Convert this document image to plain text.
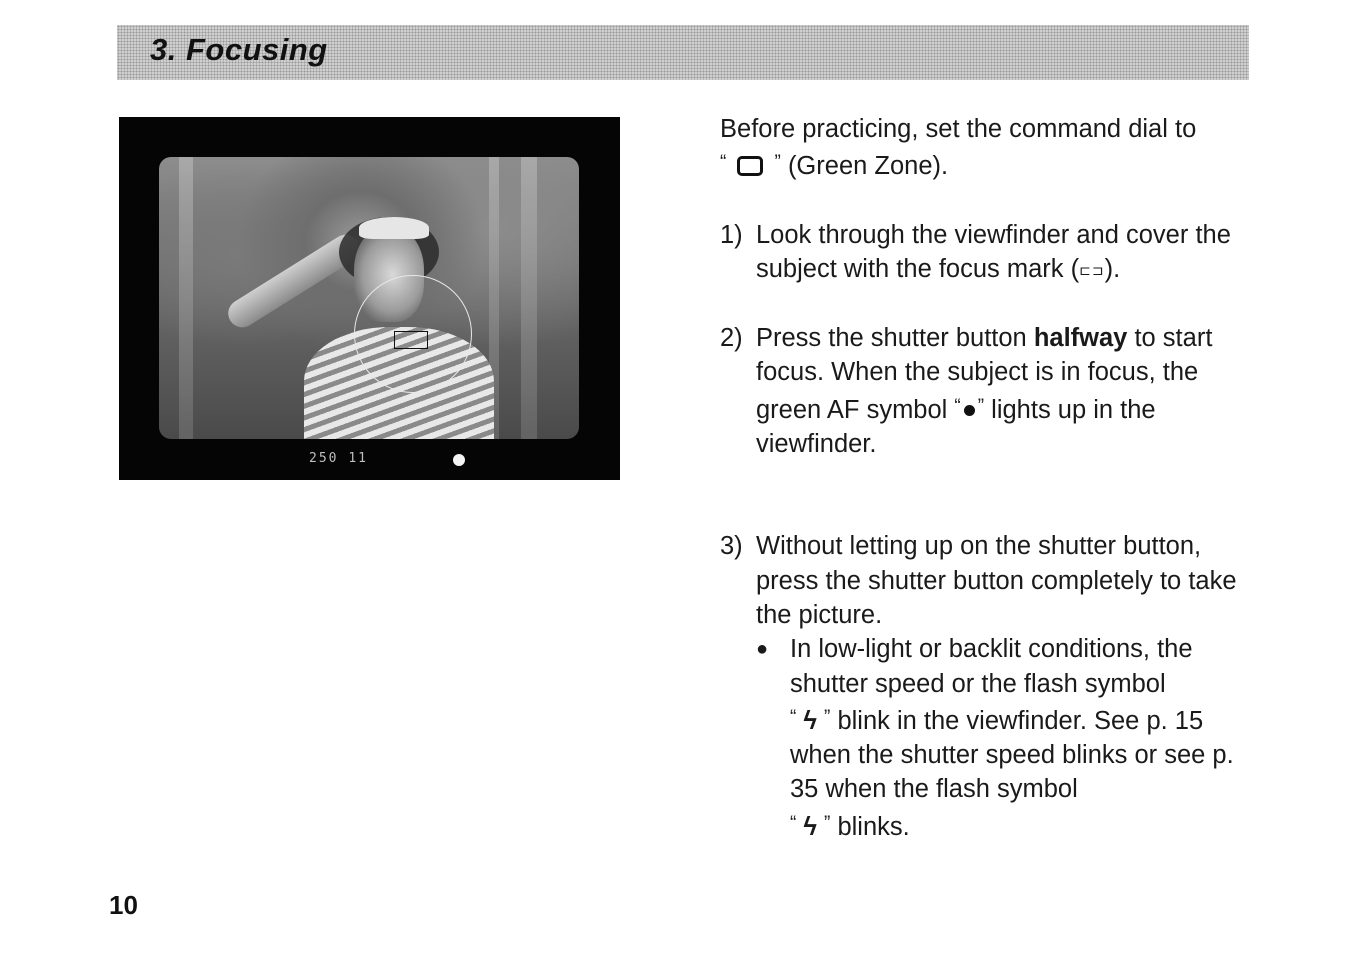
3. Focusing
250 11

Before practicing, set the command dial to
“	” (Green Zone).

1) Look through the viewfinder and cover the subject with the focus mark (⊏⊐).
2) Press the shutter button halfway to start focus. When the subject is in focus, the green AF symbol “ ” lights up in the viewfinder.
3) Without letting up on the shutter button, press the shutter button completely to take the picture.
● In low-light or backlit conditions, the shutter speed or the flash symbol
“ ϟ ” blink in the viewfinder. See p. 15 when the shutter speed blinks or see p. 35 when the flash symbol
“ ϟ ” blinks.
10
